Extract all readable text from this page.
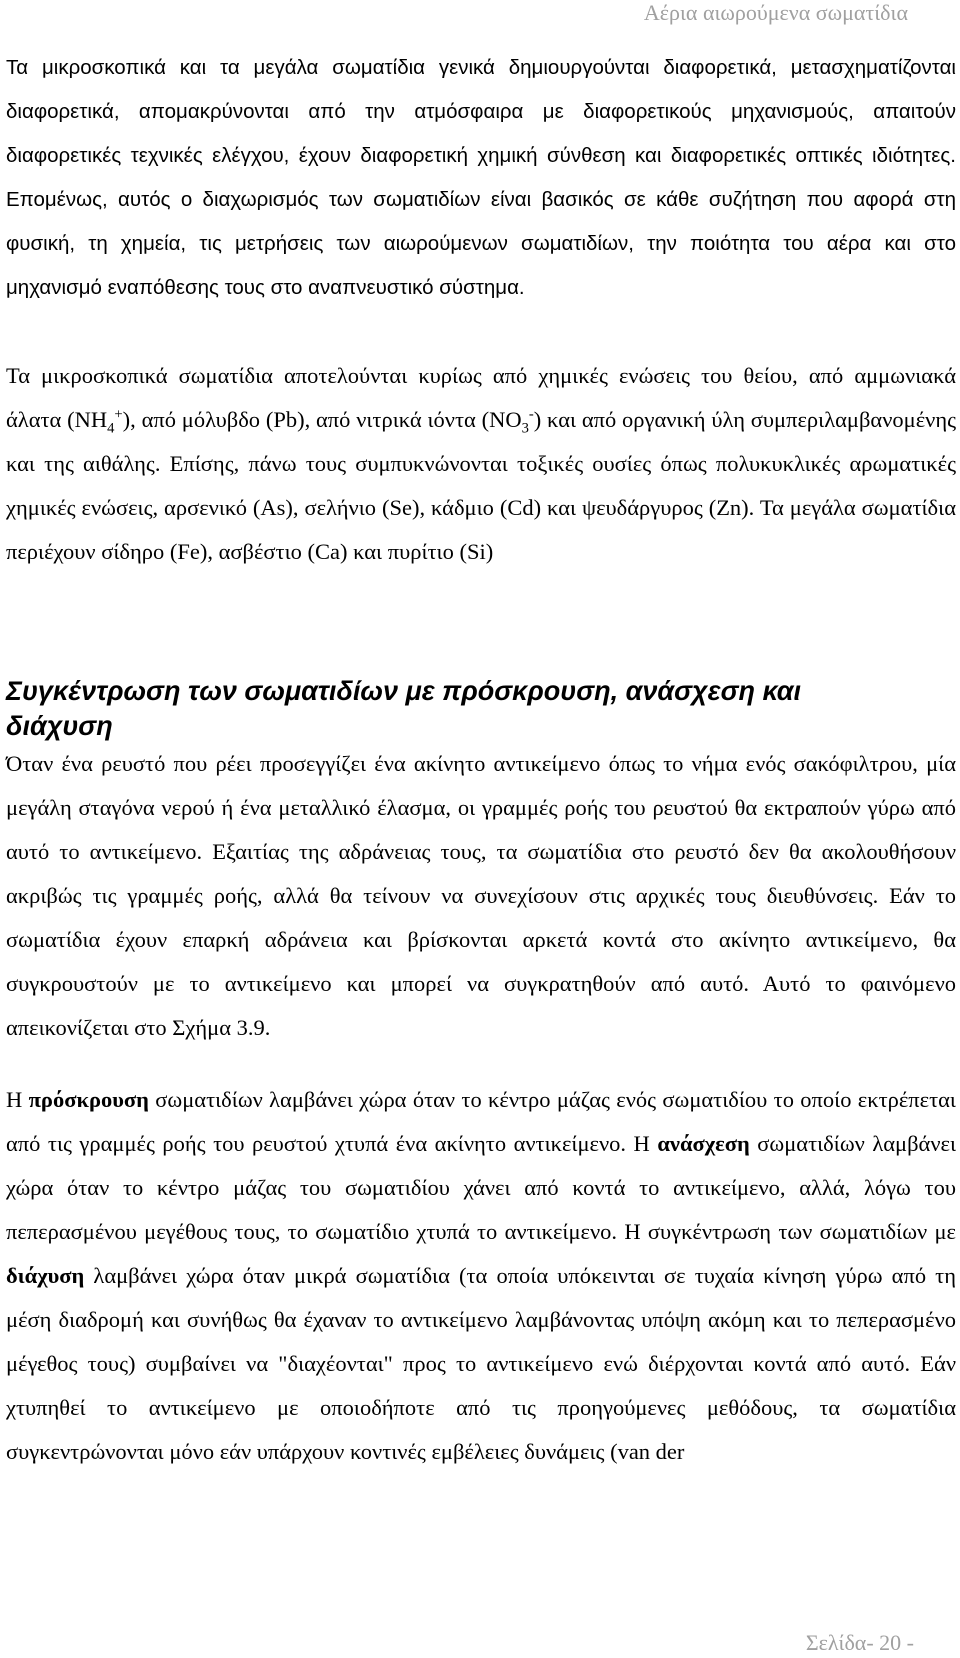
Αέρια αιωρούμενα σωματίδια

Τα μικροσκοπικά και τα μεγάλα σωματίδια γενικά δημιουργούνται διαφορετικά, μετασχηματίζονται διαφορετικά, απομακρύνονται από την ατμόσφαιρα με διαφορετικούς μηχανισμούς, απαιτούν διαφορετικές τεχνικές ελέγχου, έχουν διαφορετική χημική σύνθεση και διαφορετικές οπτικές ιδιότητες. Επομένως, αυτός ο διαχωρισμός των σωματιδίων είναι βασικός σε κάθε συζήτηση που αφορά στη φυσική, τη χημεία, τις μετρήσεις των αιωρούμενων σωματιδίων, την ποιότητα του αέρα και στο μηχανισμό εναπόθεσης τους στο αναπνευστικό σύστημα.

Τα μικροσκοπικά σωματίδια αποτελούνται κυρίως από χημικές ενώσεις του θείου, από αμμωνιακά άλατα $(NH_4^+)$, από μόλυβδο (Pb), από νιτρικά ιόντα $(NO_3^-)$ και από οργανική ύλη συμπεριλαμβανομένης και της αιθάλης. Επίσης, πάνω τους συμπυκνώνονται τοξικές ουσίες όπως πολυκυκλικές αρωματικές χημικές ενώσεις, αρσενικό (As), σελήνιο (Se), κάδμιο (Cd) και ψευδάργυρος (Zn). Τα μεγάλα σωματίδια περιέχουν σίδηρο (Fe), ασβέστιο (Ca) και πυρίτιο (Si)

Συγκέντρωση των σωματιδίων με πρόσκρουση, ανάσχεση και διάχυση

Όταν ένα ρευστό που ρέει προσεγγίζει ένα ακίνητο αντικείμενο όπως το νήμα ενός σακόφιλτρου, μία μεγάλη σταγόνα νερού ή ένα μεταλλικό έλασμα, οι γραμμές ροής του ρευστού θα εκτραπούν γύρω από αυτό το αντικείμενο. Εξαιτίας της αδράνειας τους, τα σωματίδια στο ρευστό δεν θα ακολουθήσουν ακριβώς τις γραμμές ροής, αλλά θα τείνουν να συνεχίσουν στις αρχικές τους διευθύνσεις. Εάν το σωματίδια έχουν επαρκή αδράνεια και βρίσκονται αρκετά κοντά στο ακίνητο αντικείμενο, θα συγκρουστούν με το αντικείμενο και μπορεί να συγκρατηθούν από αυτό. Αυτό το φαινόμενο απεικονίζεται στο Σχήμα 3.9.

Η πρόσκρουση σωματιδίων λαμβάνει χώρα όταν το κέντρο μάζας ενός σωματιδίου το οποίο εκτρέπεται από τις γραμμές ροής του ρευστού χτυπά ένα ακίνητο αντικείμενο. Η ανάσχεση σωματιδίων λαμβάνει χώρα όταν το κέντρο μάζας του σωματιδίου χάνει από κοντά το αντικείμενο, αλλά, λόγω του πεπερασμένου μεγέθους τους, το σωματίδιο χτυπά το αντικείμενο. Η συγκέντρωση των σωματιδίων με διάχυση λαμβάνει χώρα όταν μικρά σωματίδια (τα οποία υπόκεινται σε τυχαία κίνηση γύρω από τη μέση διαδρομή και συνήθως θα έχαναν το αντικείμενο λαμβάνοντας υπόψη ακόμη και το πεπερασμένο μέγεθος τους) συμβαίνει να "διαχέονται" προς το αντικείμενο ενώ διέρχονται κοντά από αυτό. Εάν χτυπηθεί το αντικείμενο με οποιοδήποτε από τις προηγούμενες μεθόδους, τα σωματίδια συγκεντρώνονται μόνο εάν υπάρχουν κοντινές εμβέλειες δυνάμεις (van der

Σελίδα- 20 -
